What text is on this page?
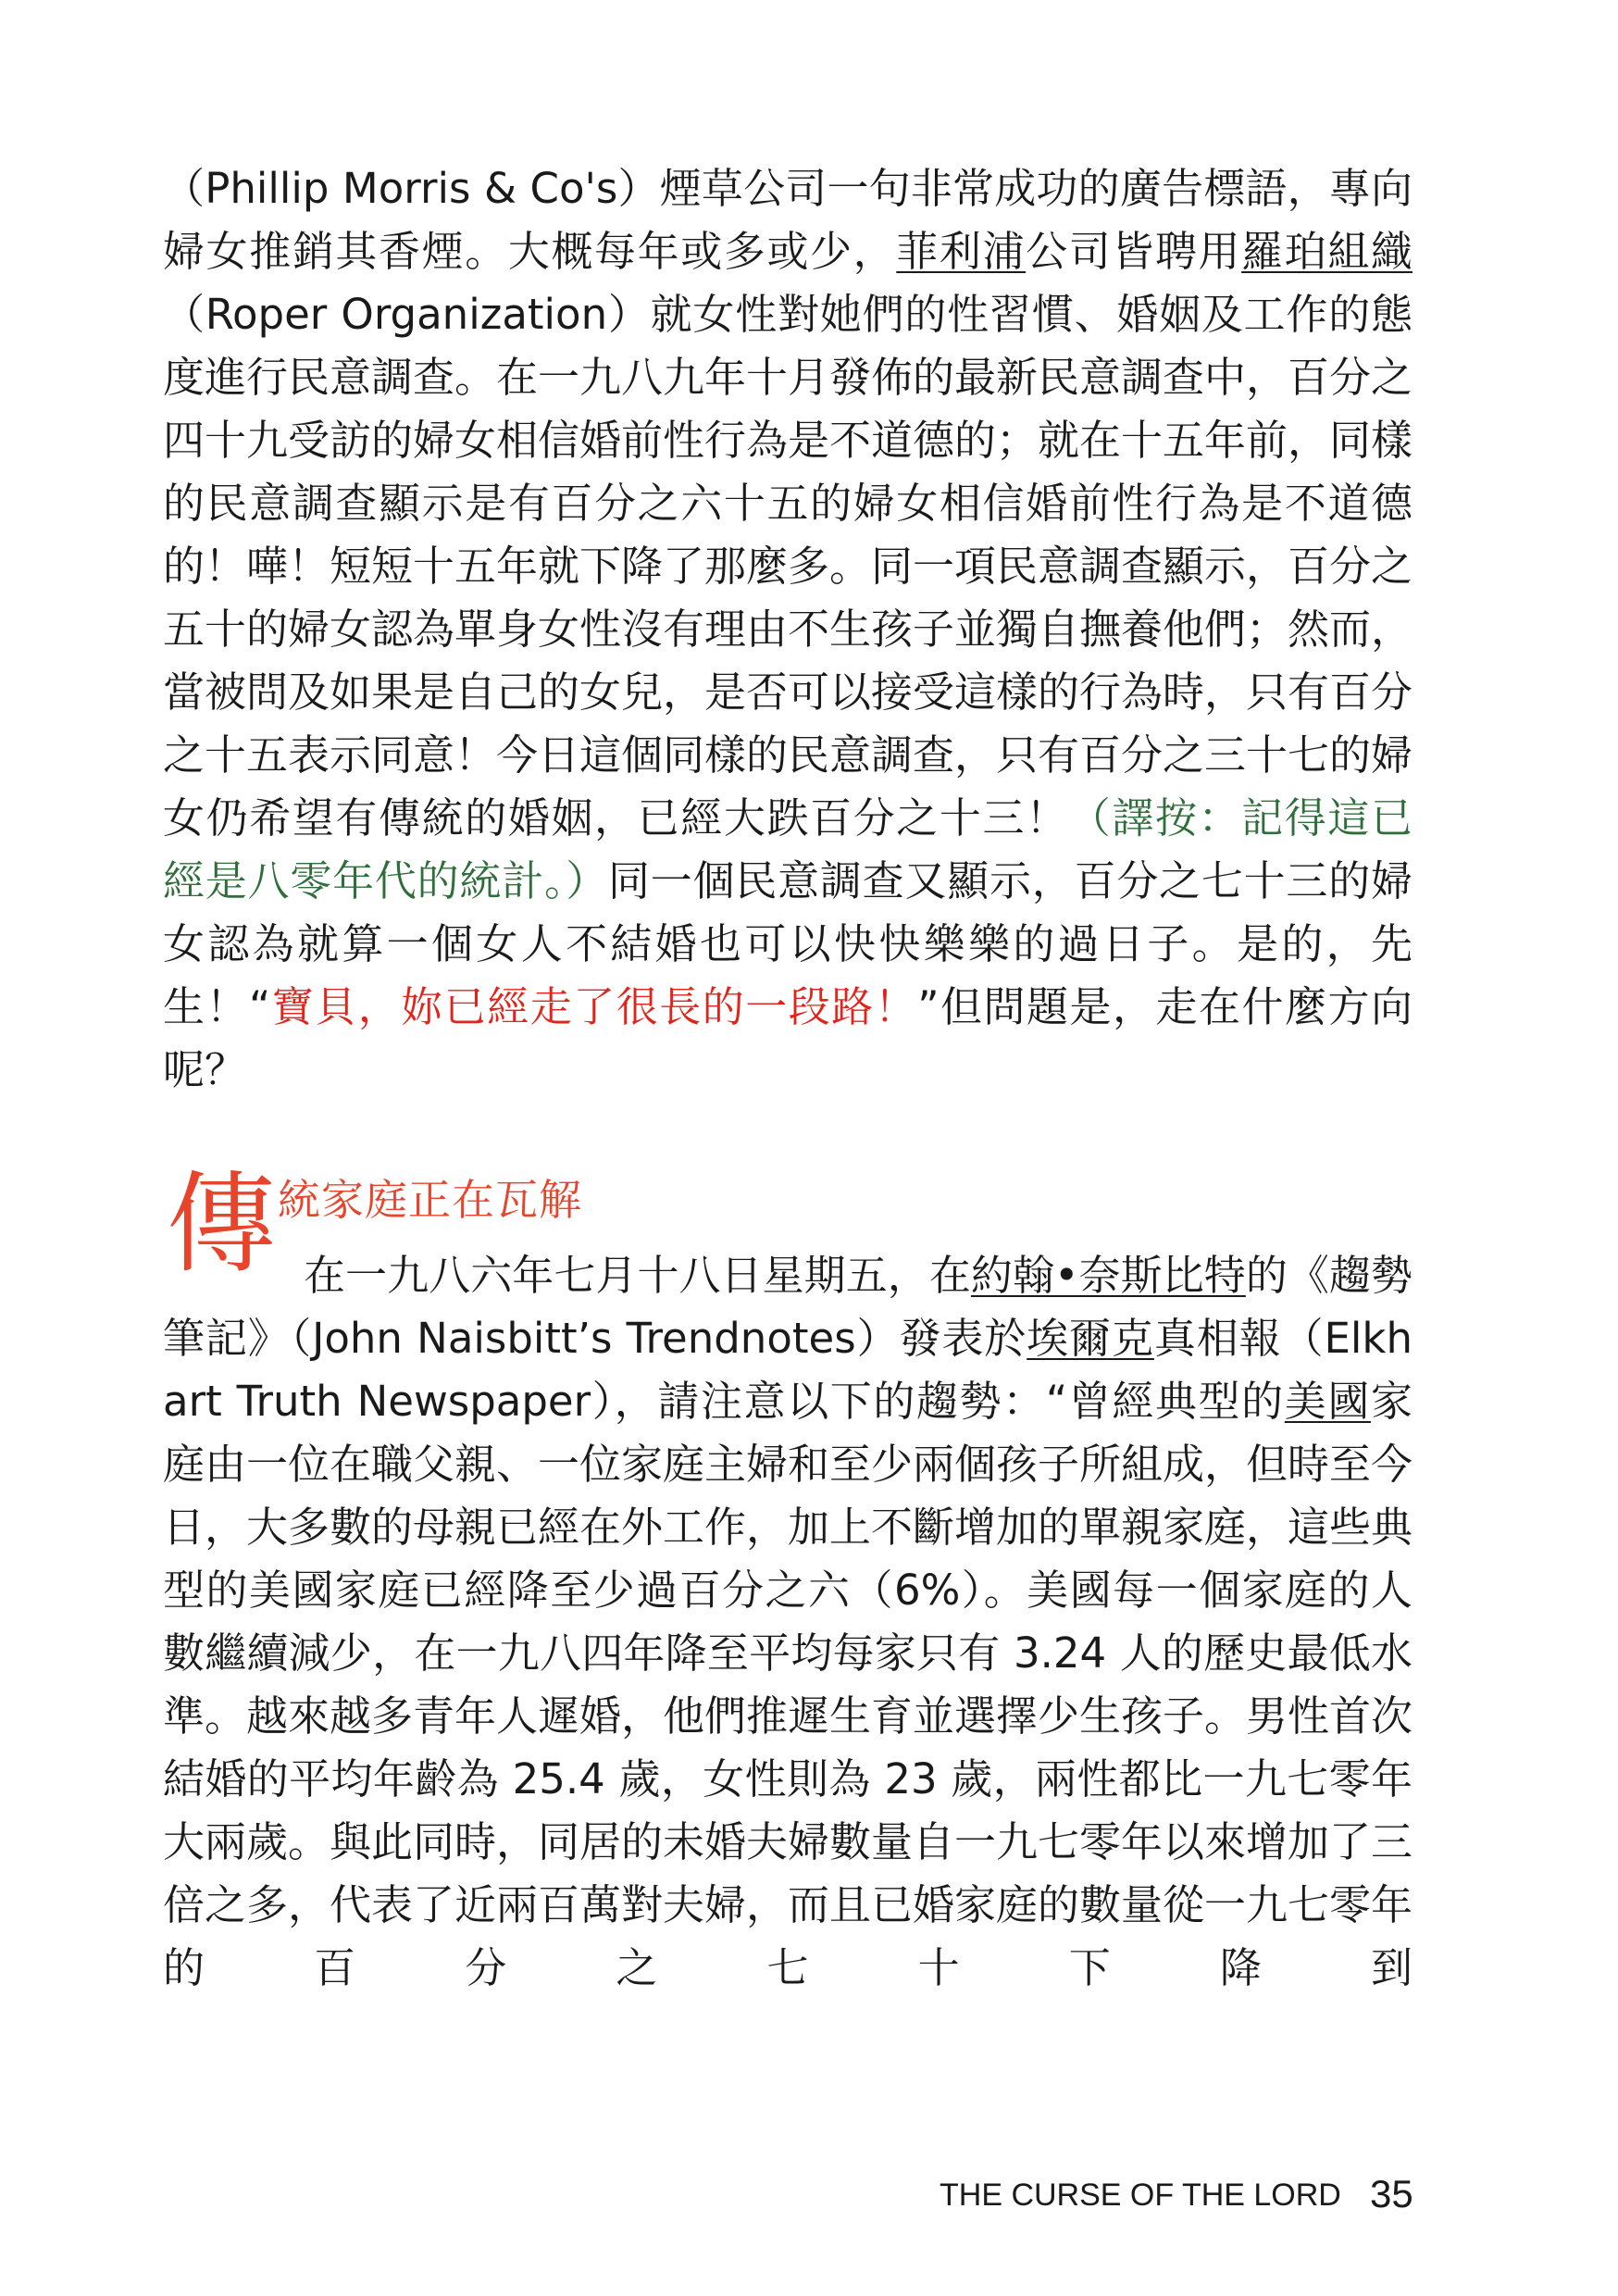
（Phillip Morris & Co's）煙草公司一句非常成功的廣告標語，專向婦女推銷其香煙。大概每年或多或少，菲利浦公司皆聘用羅珀組織（Roper Organization）就女性對她們的性習慣、婚姻及工作的態度進行民意調查。在一九八九年十月發佈的最新民意調查中，百分之四十九受訪的婦女相信婚前性行為是不道德的；就在十五年前，同樣的民意調查顯示是有百分之六十五的婦女相信婚前性行為是不道德的！嘩！短短十五年就下降了那麼多。同一項民意調查顯示，百分之五十的婦女認為單身女性沒有理由不生孩子並獨自撫養他們；然而，當被問及如果是自己的女兒，是否可以接受這樣的行為時，只有百分之十五表示同意！今日這個同樣的民意調查，只有百分之三十七的婦女仍希望有傳統的婚姻，已經大跌百分之十三！（譯按：記得這已經是八零年代的統計。）同一個民意調查又顯示，百分之七十三的婦女認為就算一個女人不結婚也可以快快樂樂的過日子。是的，先生！“寶貝，妳已經走了很長的一段路！”但問題是，走在什麼方向呢？

傳 統家庭正在瓦解

在一九八六年七月十八日星期五，在約翰•奈斯比特的《趨勢筆記》（John Naisbitt’s Trendnotes）發表於埃爾克真相報（Elkhart Truth Newspaper），請注意以下的趨勢：“曾經典型的美國家庭由一位在職父親、一位家庭主婦和至少兩個孩子所組成，但時至今日，大多數的母親已經在外工作，加上不斷增加的單親家庭，這些典型的美國家庭已經降至少過百分之六（6%）。美國每一個家庭的人數繼續減少，在一九八四年降至平均每家只有 3.24 人的歷史最低水準。越來越多青年人遲婚，他們推遲生育並選擇少生孩子。男性首次結婚的平均年齡為 25.4 歲，女性則為 23 歲，兩性都比一九七零年大兩歲。與此同時，同居的未婚夫婦數量自一九七零年以來增加了三倍之多，代表了近兩百萬對夫婦，而且已婚家庭的數量從一九七零年的百分之七十下降到

THE CURSE OF THE LORD 35
